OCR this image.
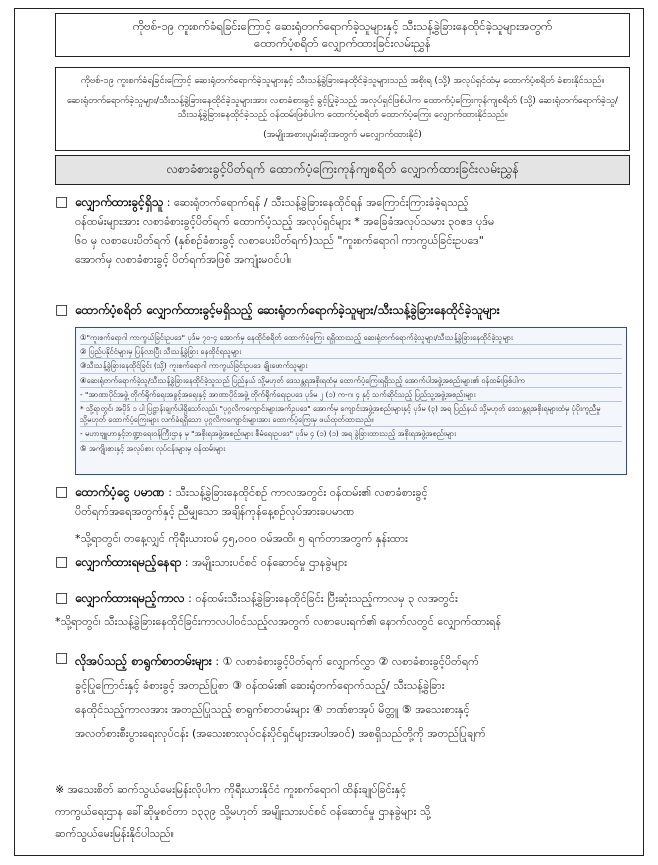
ကိုဗစ်-၁၉ ကူးစက်ခံရခြင်းကြောင့် ဆေးရုံတက်ရောက်ခဲ့သူများနှင့် သီးသန့်ခွဲခြားနေထိုင်ခဲ့သူများအတွက်
ထောက်ပံ့စရိတ် လျှောက်ထားခြင်းလမ်းညွှန်

ကိုဗစ်-၁၉ ကူးစက်ခံရခြင်းကြောင့် ဆေးရုံတက်ရောက်ခဲ့သူများနှင့် သီးသန့်ခွဲခြားနေထိုင်ခဲ့သူများသည် အစိုးရ (သို့) အလုပ်ရှင်ထံမှ ထောက်ပံ့စရိတ် ခံစားနိုင်သည်။

ဆေးရုံတက်ရောက်ခဲ့သူများ/သီးသန့်ခွဲခြားနေထိုင်ခဲ့သူများအား လစာခံစားခွင့် ခွင့်ပြုခဲ့သည့် အလုပ်ရှင်ဖြစ်ပါက ထောက်ပံ့ကြေးကုန်ကျစရိတ် (သို့) ဆေးရုံတက်ရောက်ခဲ့သူ/ သီးသန့်ခွဲခြားနေထိုင်ခဲ့သည့် ဝန်ထမ်းဖြစ်ပါက ထောက်ပံ့စရိတ် ထောက်ပံ့ကြေး လျှောက်ထားနိုင်သည်။

(အမျိုးအစားပျမ်းဆိုးအတွက် မလျှောက်ထားနိုင်)

လစာခံစားခွင့်ပိတ်ရက် ထောက်ပံ့ကြေးကုန်ကျစရိတ် လျှောက်ထားခြင်းလမ်းညွှန်
□ လျှောက်ထားခွင့်ရှိသူ : ဆေးရုံတက်ရောက်ရန် / သီးသန့်ခွဲခြားနေထိုင်ရန် အကြောင်းကြားခံခဲ့ရသည့်
ဝန်ထမ်းများအား လစာခံစားခွင့်ပိတ်ရက် ထောက်ပံ့သည့် အလုပ်ရှင်များ * အခြေခံအလုပ်သမား ၃၀ဧဒ ပုဒ်မ
၆၀ မှ လစာပေးပိတ်ရက် (နှစ်စဉ်ခံစားခွင့် လစာပေးပိတ်ရက်)သည် "ကူးစက်ရောဂါ ကာကွယ်ခြင်းဥပဒေ"
အောက်မှ လစာခံစားခွင့် ပိတ်ရက်အဖြစ် အကျုံးမဝင်ပါ။
□ ထောက်ပံ့စရိတ် လျှောက်ထားခွင့်မရှိသည့် ဆေးရုံတက်ရောက်ခဲ့သူများ/သီးသန့်ခွဲခြားနေထိုင်ခဲ့သူများ
①"ကူးစက်ရောဂါ ကာကွယ်ခြင်းဥပဒေ" ပုဒ်မ ၇၀-၄ အောက်မှ နေထိုင်စရိတ် ထောက်ပံ့ကြေး ရရှိထားသည့် ဆေးရုံတက်ရောက်ခဲ့သူများ/သီးသန့်ခွဲခြားနေထိုင်ခဲ့သူများ
② ပြည်ပနိုင်ငံများမှ ပြန်လာပြီး သီးသန့်ခွဲခြား နေထိုင်ရသူများ
③သီးသန့်ခွဲခြားနေထိုင်ခြင်း (သို့) ကူးစက်ရောဂါ ကာကွယ်ခြင်းဥပဒေ ချိုးဖောက်သူများ
④ဆေးရုံတက်ရောက်ခဲ့သူ/သီးသန့်ခွဲခြားနေထိုင်ခဲ့သူသည် ပြည်နယ် သို့မဟုတ် ဒေသန္တရအစိုးရထံမှ ထောက်ပံ့ကြေးရရှိသည့် အောက်ပါအဖွဲ့အစည်းများ၏ ဝန်ထမ်းဖြစ်ပါက
- "အာဏာပိုင်အဖွဲ့ တိုက်ရိုက်ရေးအခွင့်အရေးနှင့် အာဏာပိုင်အဖွဲ့ တိုက်ရိုက်ရေးဥပဒေ ပုဒ်မ ၂ (၁) က-ဂ၊ ၄ နှင့် သက်ဆိုင်သည့် ပြည်သူ့အဖွဲ့အစည်းများ
* သို့ရာတွင်၊ အပိုဒ် ၁ ပါ ပြဋ္ဌာန်းချက်ပါရှိသော်လည်း "ပုဂ္ဂလိကကျောင်းများအက်ဥပဒေ" အောက်မှ ကျောင်းအဖွဲ့အစည်းများနှင့် ပုဒ်မ (၃) အရ ပြည်နယ် သို့မဟုတ် ဒေသန္တရအစိုးရများထံမှ ပုံပိုးကူညီမှု သို့မဟုတ် ထောက်ပံ့ကြေးများ လက်ခံရရှိသော ပုဂ္ဂလိကကျောင်းများအား ထောက်ပံ့ကြေးမှ ဖယ်ထုတ်ထားသည်။
- မဟာဗျူဟာနှင့်ဘဏ္ဍာရေးဝန်ကြီးဌာန မှ "အစိုးရအဖွဲ့အစည်းများ စီမံရေးဥပဒေ" ပုဒ်မ ၄ (၁) (၁) အရ ခွဲခြားထားသည့် အစိုးရအဖွဲ့အစည်းများ
⑤ အကျိုးစားနှင့် အလုပ်စား လုပ်ငန်းများမှ ဝန်ထမ်းများ
□ ထောက်ပံ့ငွေ ပမာဏ : သီးသန့်ခွဲခြားနေထိုင်စဉ် ကာလအတွင်း ဝန်ထမ်း၏ လစာခံစားခွင့်
ပိတ်ရက်အရေအတွက်နှင့် ညီမျှသော အချိန်ကုန်နေ့စဉ်လုပ်အားခပမာဏ
*သို့ရာတွင်၊ တနေ့လျှင် ကိုရီးယားဝမ် ၄၅,၀၀၀ ဝမ်အထိ၊ ၅ ရက်တာအတွက် နှန်းထား
□ လျှောက်ထားရမည့်နေရာ : အမျိုးသားပင်စင် ဝန်ဆောင်မှု ဌာနခွဲများ
□ လျှောက်ထားရမည့်ကာလ : ဝန်ထမ်းသီးသန့်ခွဲခြားနေထိုင်ခြင်း ပြီးဆုံးသည့်ကာလမှ ၃ လအတွင်း
*သို့ရာတွင်၊ သီးသန့်ခွဲခြားနေထိုင်ခြင်းကာလပါဝင်သည့်လအတွက် လစာပေးရက်၏ နောက်လတွင် လျှောက်ထားရန်
□ လိုအပ်သည့် စာရွက်စာတမ်းများ : ① လစာခံစားခွင့်ပိတ်ရက် လျှောက်လွှာ ② လစာခံစားခွင့်ပိတ်ရက်
ခွင့်ပြုကြောင်းနှင့် ခံစားခွင့် အတည်ပြုစာ ③ ဝန်ထမ်း၏ ဆေးရုံတက်ရောက်သည့်/ သီးသန့်ခွဲခြား
နေထိုင်သည့်ကာလအား အတည်ပြုသည့် စာရွက်စာတမ်းများ ④ ဘဏ်စာအုပ် မိတ္တူ ⑤ အသေးစားနှင့်
အလတ်စားစီးပွားရေးလုပ်ငန်း (အသေးစားလုပ်ငန်းပိုင်ရှင်များအပါအဝင်) အစရှိသည်တို့ကို အတည်ပြုချက်
※ အသေးစိတ် ဆက်သွယ်မေးမြန်းလိုပါက ကိုရီးယားနိုင်ငံ ကူးစက်ရောဂါ ထိန်းချုပ်ခြင်းနှင့်
ကာကွယ်ရေးဌာန ခေါ်ဆိုမှုစင်တာ ၁၃၃၉ သို့မဟုတ် အမျိုးသားပင်စင် ဝန်ဆောင်မှု ဌာနခွဲများ သို့
ဆက်သွယ်မေးမြန်းနိုင်ပါသည်။
